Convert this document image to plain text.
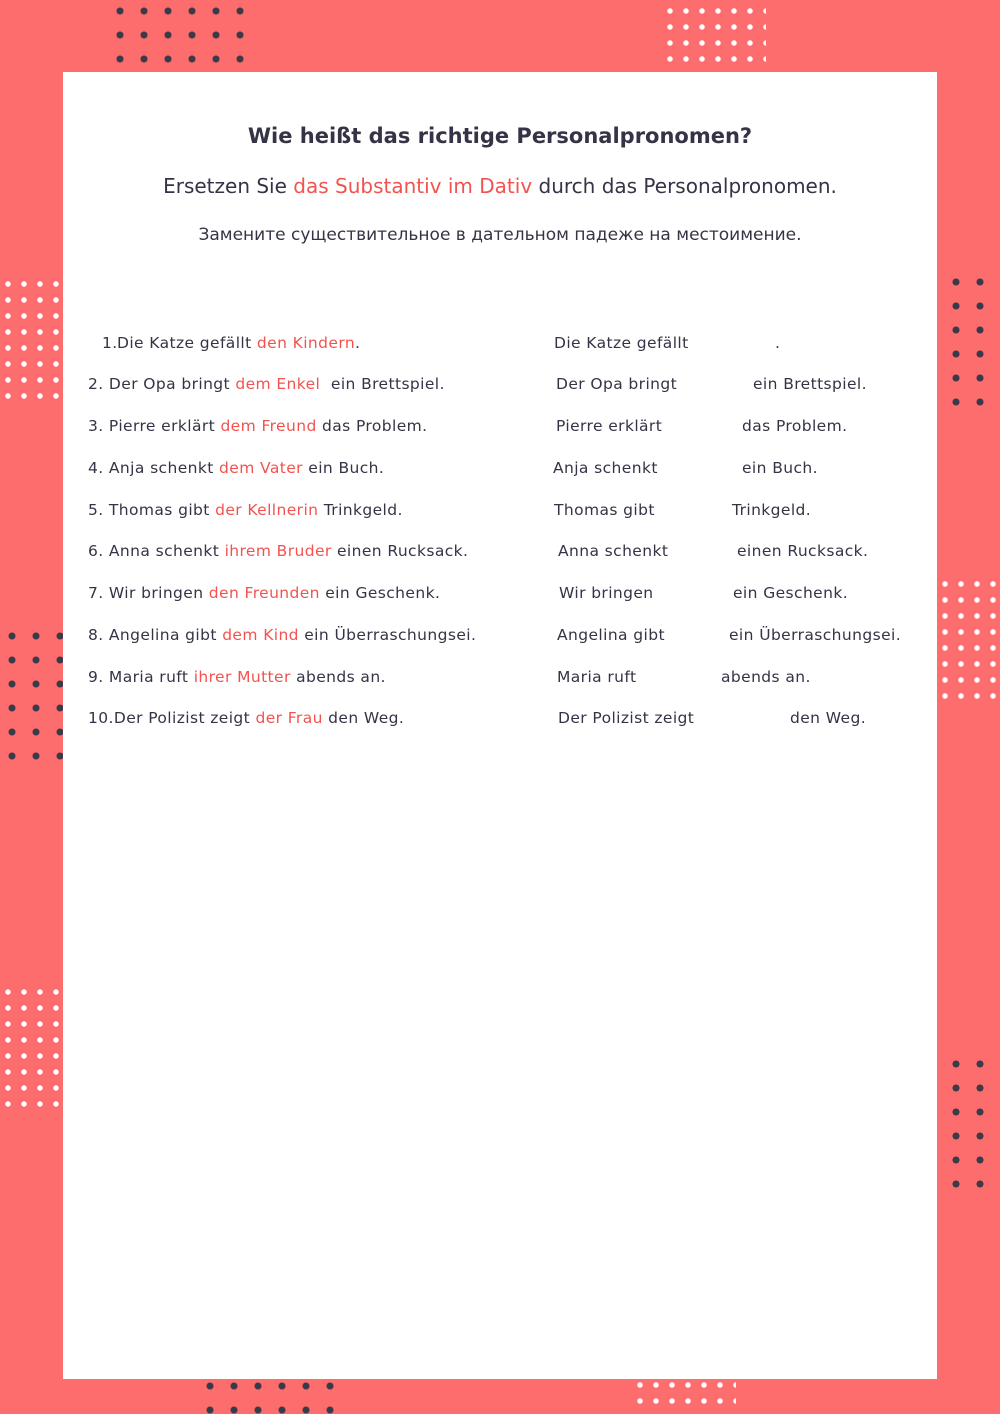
Wie heißt das richtige Personalpronomen?

Ersetzen Sie das Substantiv im Dativ durch das Personalpronomen.

Замените существительное в дательном падеже на местоимение.

1. Die Katze gefällt den Kindern.	Die Katze gefällt	.
2. Der Opa bringt dem Enkel  ein Brettspiel.	Der Opa bringt	ein Brettspiel.
3. Pierre erklärt dem Freund das Problem.	Pierre erklärt	das Problem.
4. Anja schenkt dem Vater ein Buch.	Anja schenkt	ein Buch.
5. Thomas gibt der Kellnerin Trinkgeld.	Thomas gibt	Trinkgeld.
6. Anna schenkt ihrem Bruder einen Rucksack.	Anna schenkt	einen Rucksack.
7. Wir bringen den Freunden ein Geschenk.	Wir bringen	ein Geschenk.
8. Angelina gibt dem Kind ein Überraschungsei.	Angelina gibt	ein Überraschungsei.
9. Maria ruft ihrer Mutter abends an.	Maria ruft	abends an.
10.Der Polizist zeigt der Frau den Weg.	Der Polizist zeigt	den Weg.
